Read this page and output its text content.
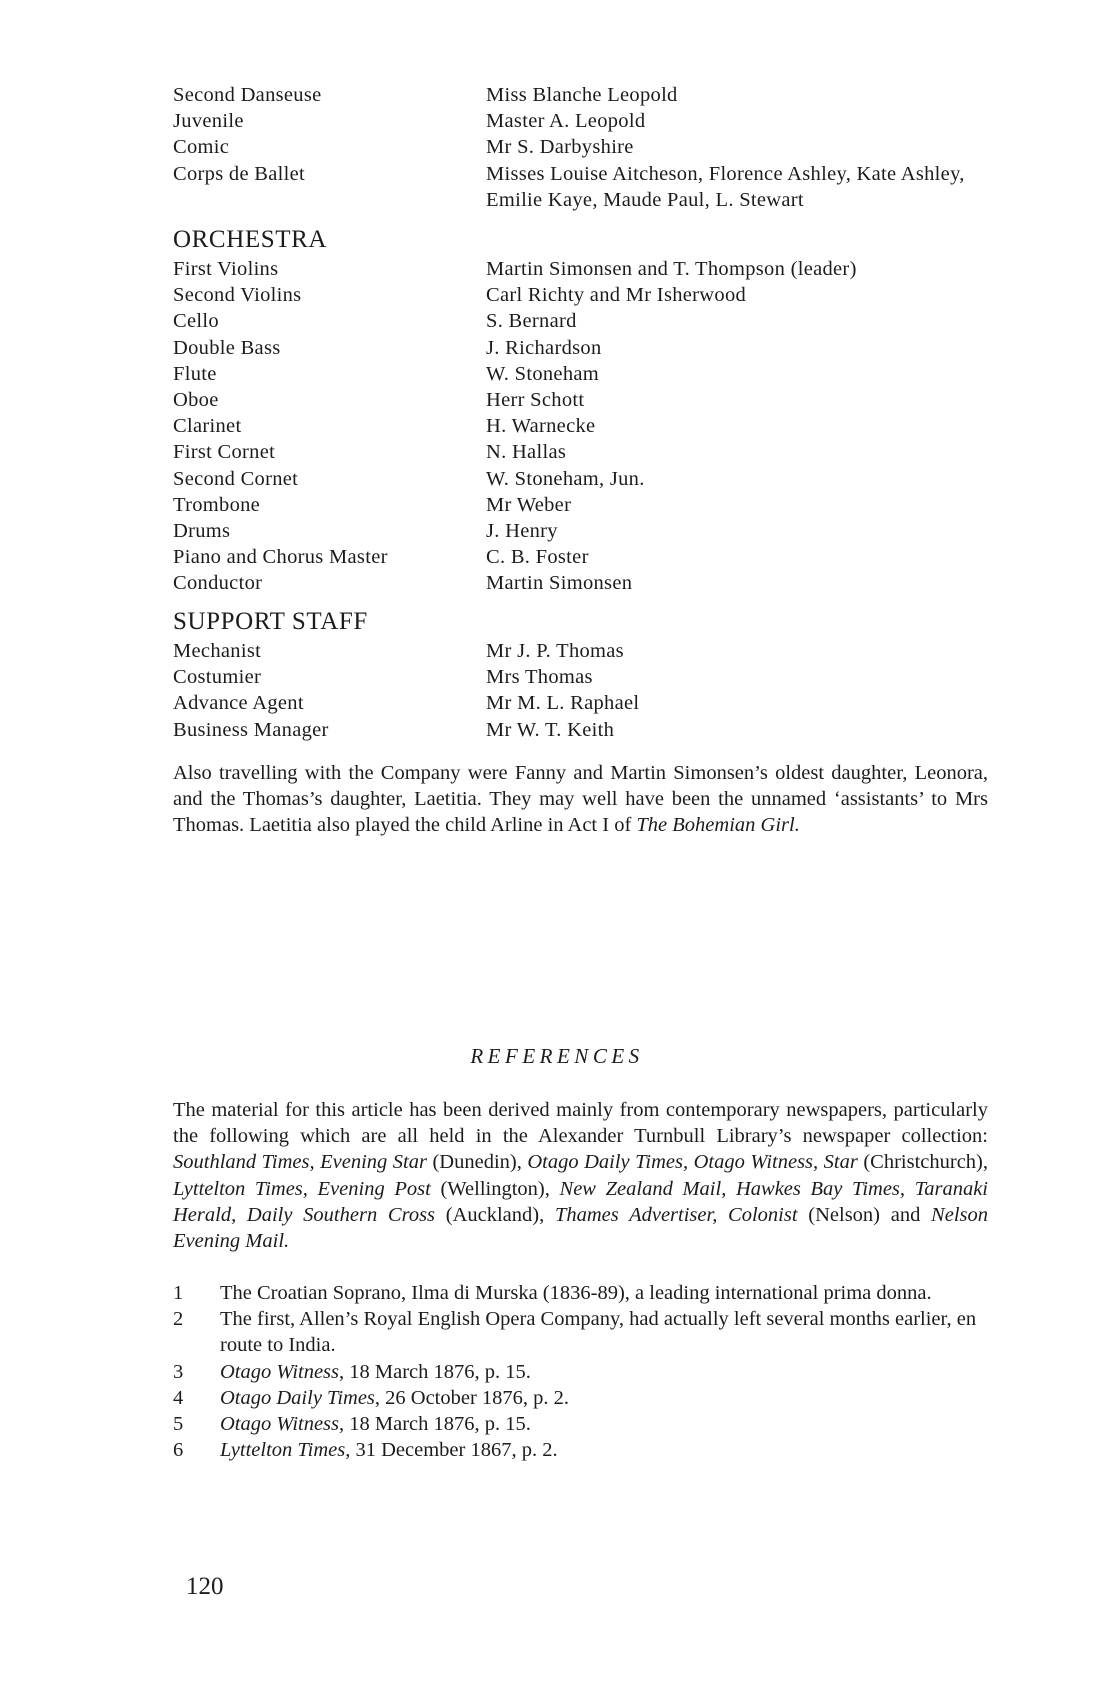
Second Danseuse	Miss Blanche Leopold
Juvenile	Master A. Leopold
Comic	Mr S. Darbyshire
Corps de Ballet	Misses Louise Aitcheson, Florence Ashley, Kate Ashley, Emilie Kaye, Maude Paul, L. Stewart
ORCHESTRA
First Violins	Martin Simonsen and T. Thompson (leader)
Second Violins	Carl Richty and Mr Isherwood
Cello	S. Bernard
Double Bass	J. Richardson
Flute	W. Stoneham
Oboe	Herr Schott
Clarinet	H. Warnecke
First Cornet	N. Hallas
Second Cornet	W. Stoneham, Jun.
Trombone	Mr Weber
Drums	J. Henry
Piano and Chorus Master	C. B. Foster
Conductor	Martin Simonsen
SUPPORT STAFF
Mechanist	Mr J. P. Thomas
Costumier	Mrs Thomas
Advance Agent	Mr M. L. Raphael
Business Manager	Mr W. T. Keith
Also travelling with the Company were Fanny and Martin Simonsen’s oldest daughter, Leonora, and the Thomas’s daughter, Laetitia. They may well have been the unnamed ‘assistants’ to Mrs Thomas. Laetitia also played the child Arline in Act I of The Bohemian Girl.
REFERENCES
The material for this article has been derived mainly from contemporary newspapers, particularly the following which are all held in the Alexander Turnbull Library’s newspaper collection: Southland Times, Evening Star (Dunedin), Otago Daily Times, Otago Witness, Star (Christchurch), Lyttelton Times, Evening Post (Wellington), New Zealand Mail, Hawkes Bay Times, Taranaki Herald, Daily Southern Cross (Auckland), Thames Advertiser, Colonist (Nelson) and Nelson Evening Mail.
1	The Croatian Soprano, Ilma di Murska (1836-89), a leading international prima donna.
2	The first, Allen’s Royal English Opera Company, had actually left several months earlier, en route to India.
3	Otago Witness, 18 March 1876, p. 15.
4	Otago Daily Times, 26 October 1876, p. 2.
5	Otago Witness, 18 March 1876, p. 15.
6	Lyttelton Times, 31 December 1867, p. 2.
120
